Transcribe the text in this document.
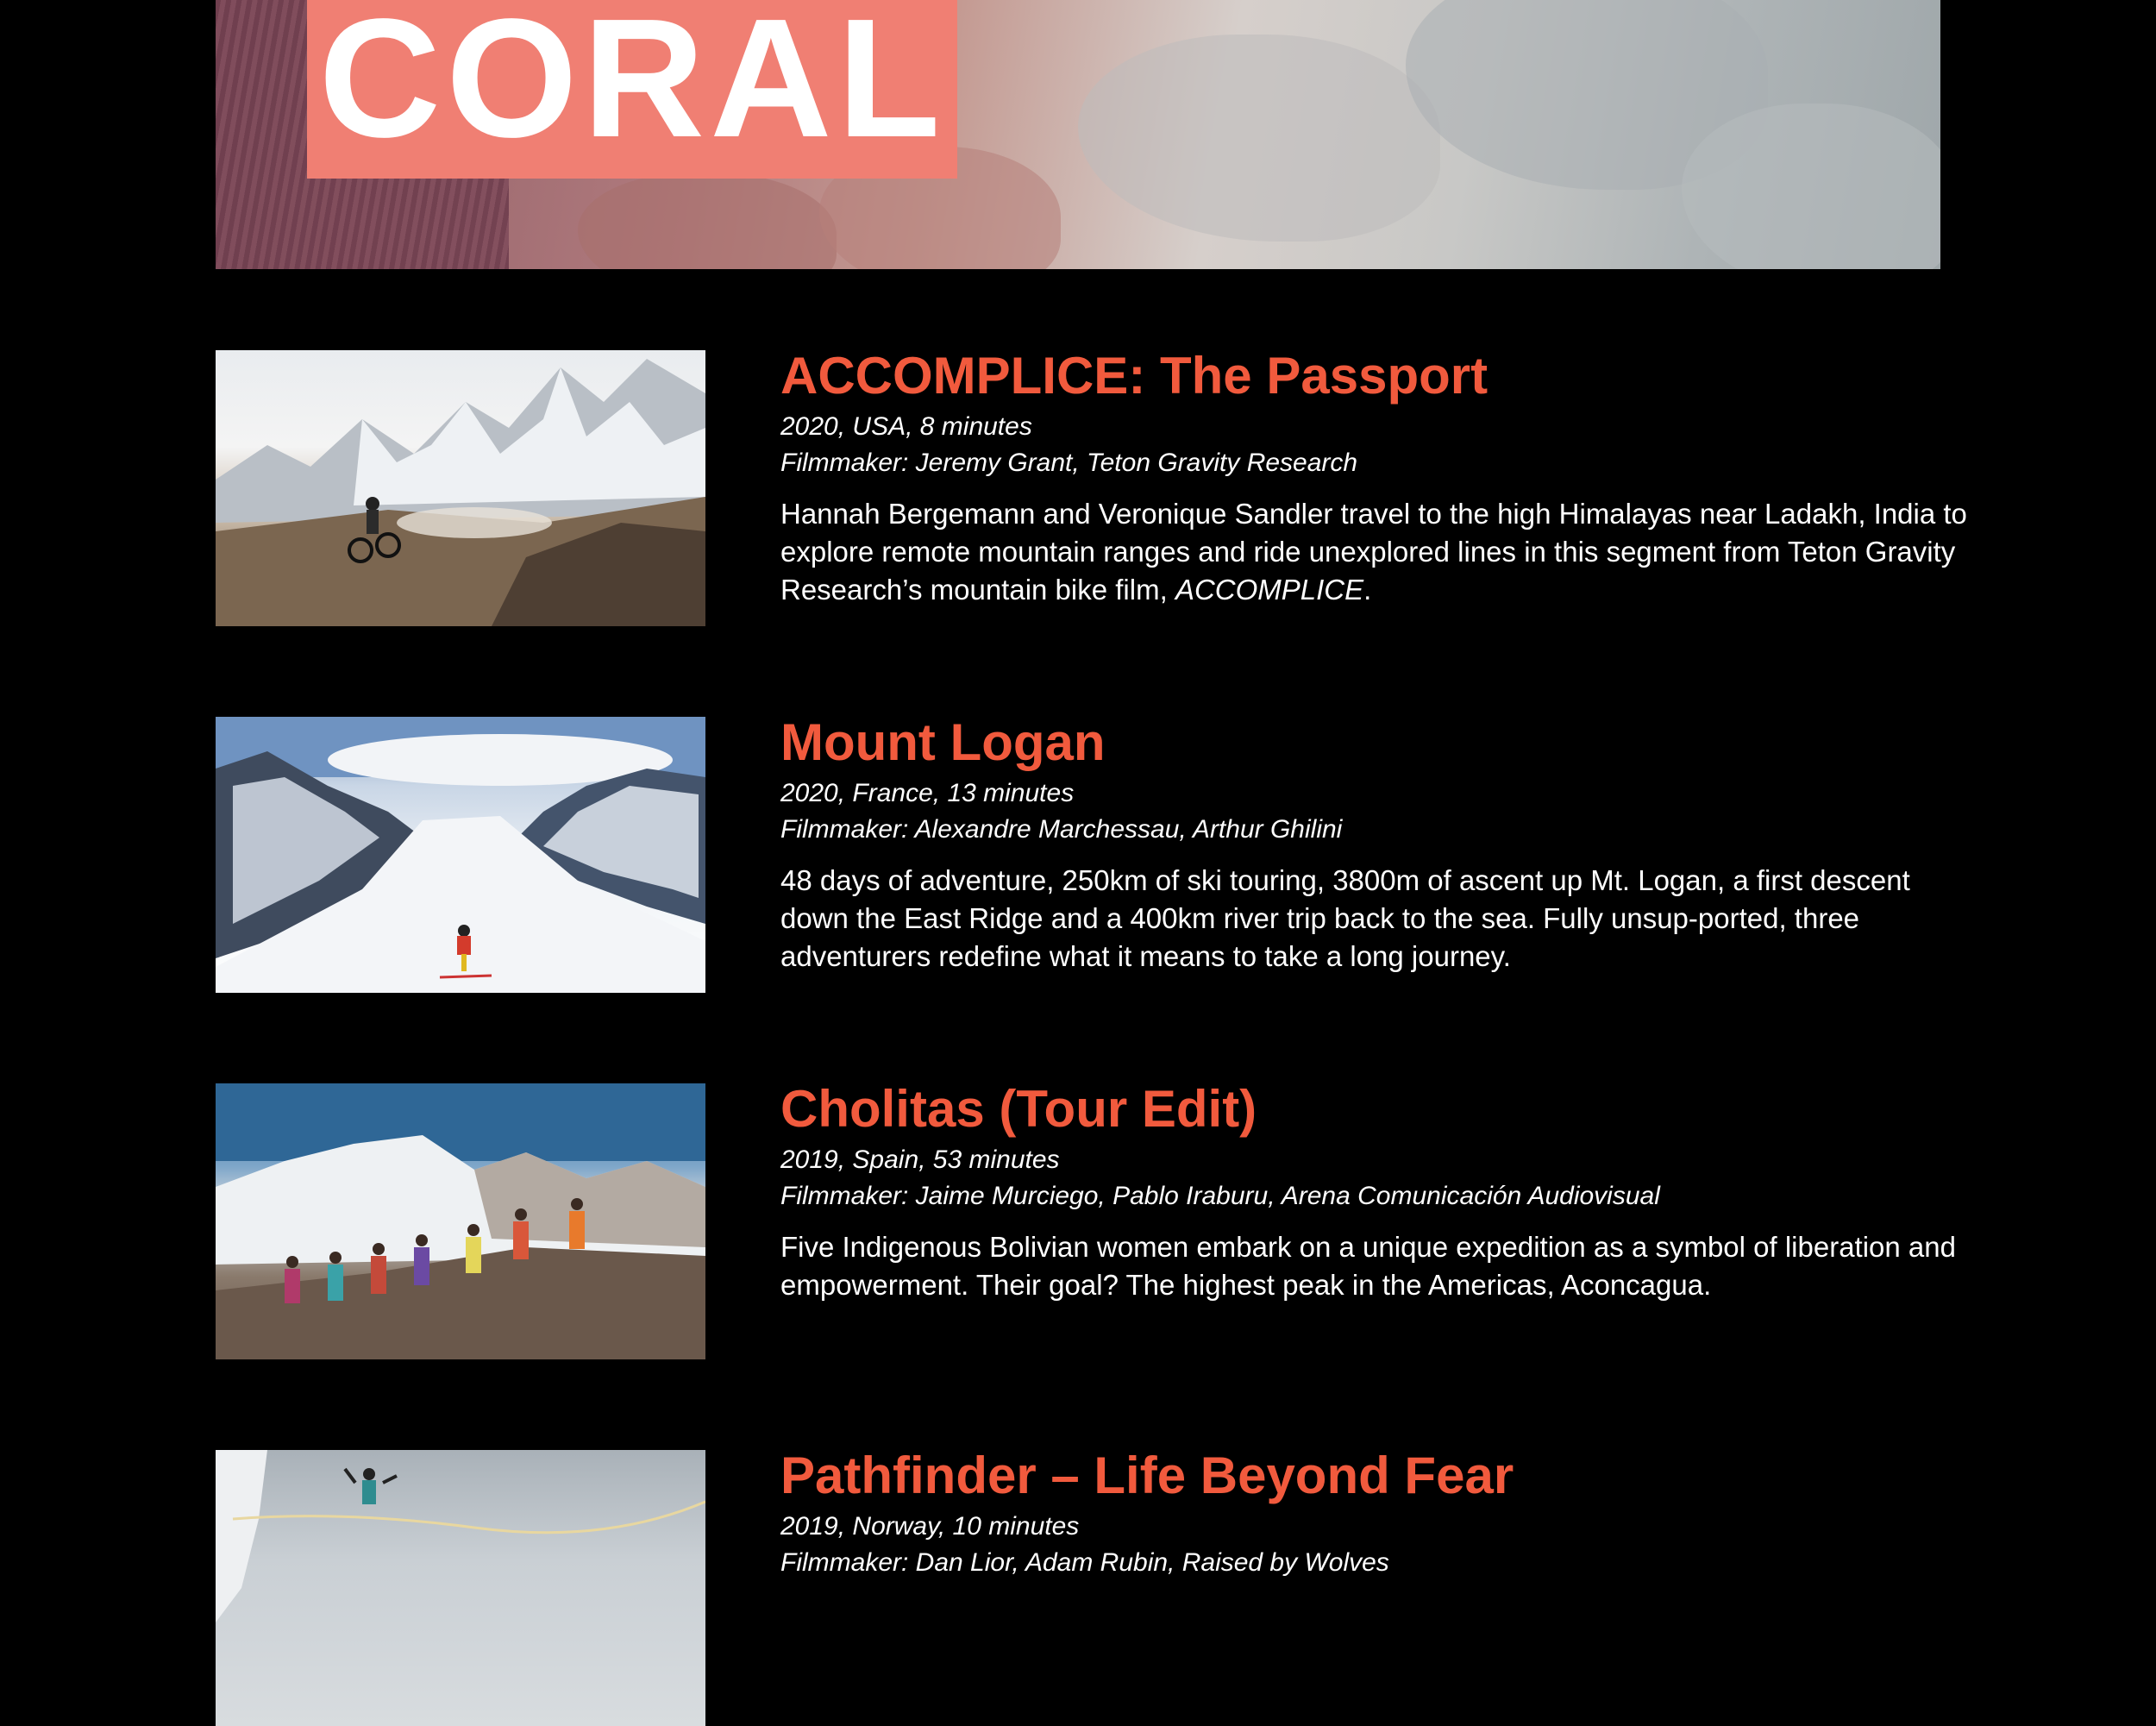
CORAL
ACCOMPLICE: The Passport

2020, USA, 8 minutes

Filmmaker: Jeremy Grant, Teton Gravity Research

Hannah Bergemann and Veronique Sandler travel to the high Himalayas near Ladakh, India to explore remote mountain ranges and ride unexplored lines in this segment from Teton Gravity Research’s mountain bike film, ACCOMPLICE.

Mount Logan

2020, France, 13 minutes

Filmmaker: Alexandre Marchessau, Arthur Ghilini

48 days of adventure, 250km of ski touring, 3800m of ascent up Mt. Logan, a first descent down the East Ridge and a 400km river trip back to the sea. Fully unsup-ported, three adventurers redefine what it means to take a long journey.

Cholitas (Tour Edit)

2019, Spain, 53 minutes

Filmmaker: Jaime Murciego, Pablo Iraburu, Arena Comunicación Audiovisual

Five Indigenous Bolivian women embark on a unique expedition as a symbol of liberation and empowerment. Their goal? The highest peak in the Americas, Aconcagua.

Pathfinder – Life Beyond Fear

2019, Norway, 10 minutes

Filmmaker: Dan Lior, Adam Rubin, Raised by Wolves
